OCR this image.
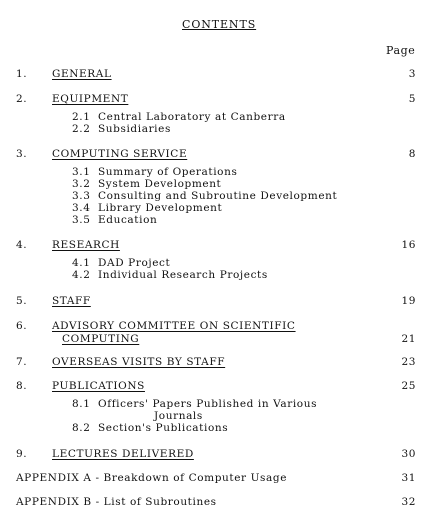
CONTENTS
Page
1. GENERAL	3
2. EQUIPMENT	5
2.1 Central Laboratory at Canberra
2.2 Subsidiaries
3. COMPUTING SERVICE	8
3.1 Summary of Operations
3.2 System Development
3.3 Consulting and Subroutine Development
3.4 Library Development
3.5 Education
4. RESEARCH	16
4.1 DAD Project
4.2 Individual Research Projects
5. STAFF	19
6. ADVISORY COMMITTEE ON SCIENTIFIC
COMPUTING	21
7. OVERSEAS VISITS BY STAFF	23
8. PUBLICATIONS	25
8.1 Officers' Papers Published in Various
Journals
8.2 Section's Publications
9. LECTURES DELIVERED	30
APPENDIX A - Breakdown of Computer Usage	31
APPENDIX B - List of Subroutines	32
